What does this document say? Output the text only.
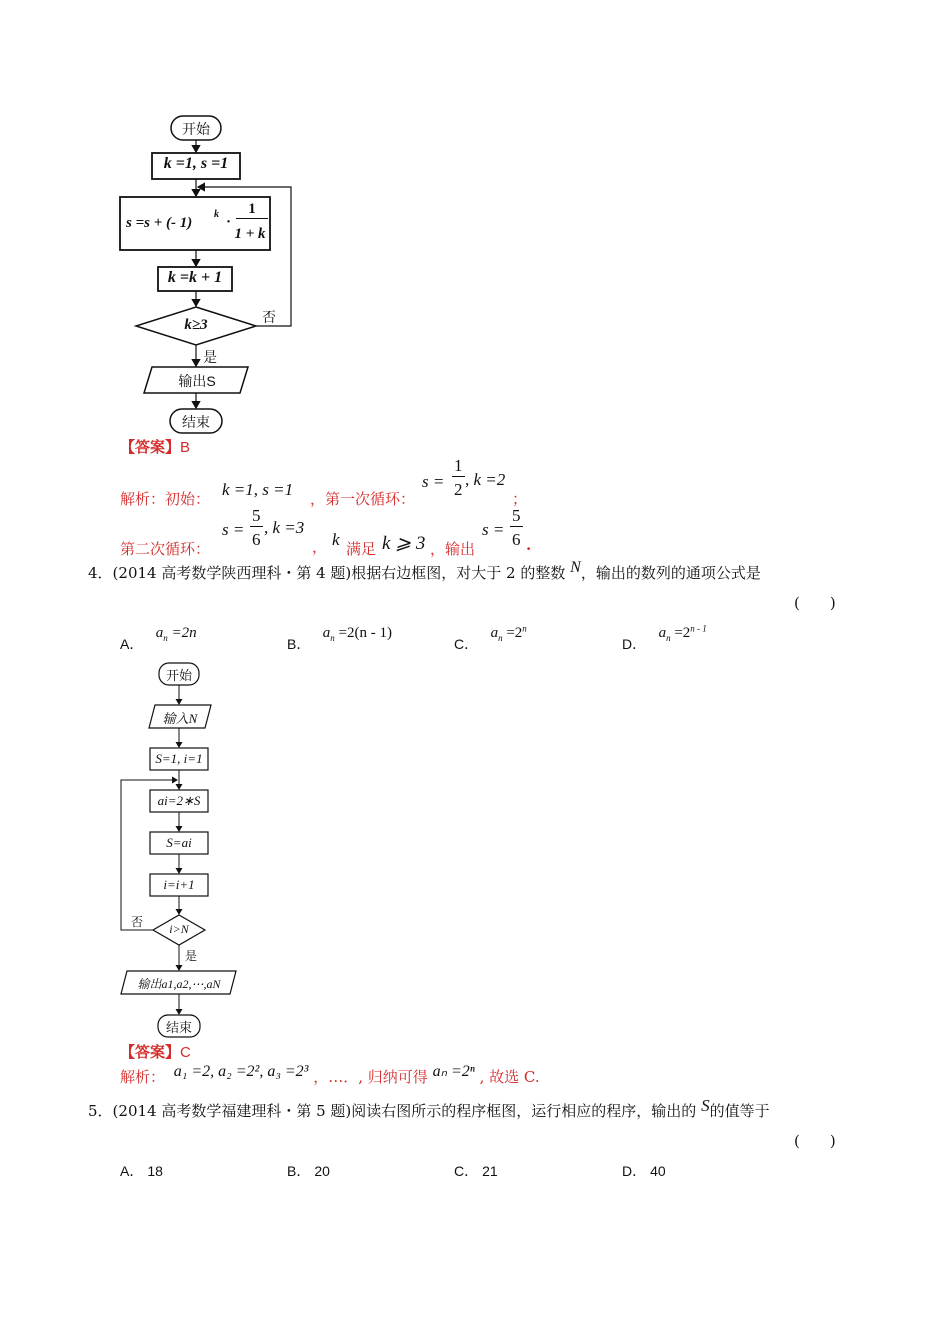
开始
k =1, s =1
s =s + (- 1)
k ·
1
1 + k
k =k + 1
k≥3	否
是
输出S
结束
【答案】B
解析：初始： k =1, s =1 ，第一次循环：
s =
1
2
, k =2
；
第二次循环：
s =
5
6
, k =3
， k 满足 k ⩾ 3 ，输出
s =
5
6 .
4．(2014 高考数学陕西理科・第 4 题)根据右边框图，对大于 2 的整数 N，输出的数列的通项公式是
(　　)
A． $a_n =2n$
B． $a_n =2(n - 1)$
C． $a_n =2^n$
D． $a_n =2^{n - 1}$
开始
输入N
S=1, i=1
ai=2∗S
S=ai
i=i+1
i>N
否
是
输出a1,a2,⋯,aN
结束
【答案】C
解析： a₁ =2, a₂ =2², a₃ =2³ ，…．, 归纳可得 aₙ =2ⁿ , 故选 C.
5．(2014 高考数学福建理科・第 5 题)阅读右图所示的程序框图，运行相应的程序，输出的 S的值等于
(　　)
A． 18	B． 20	C． 21	D． 40
